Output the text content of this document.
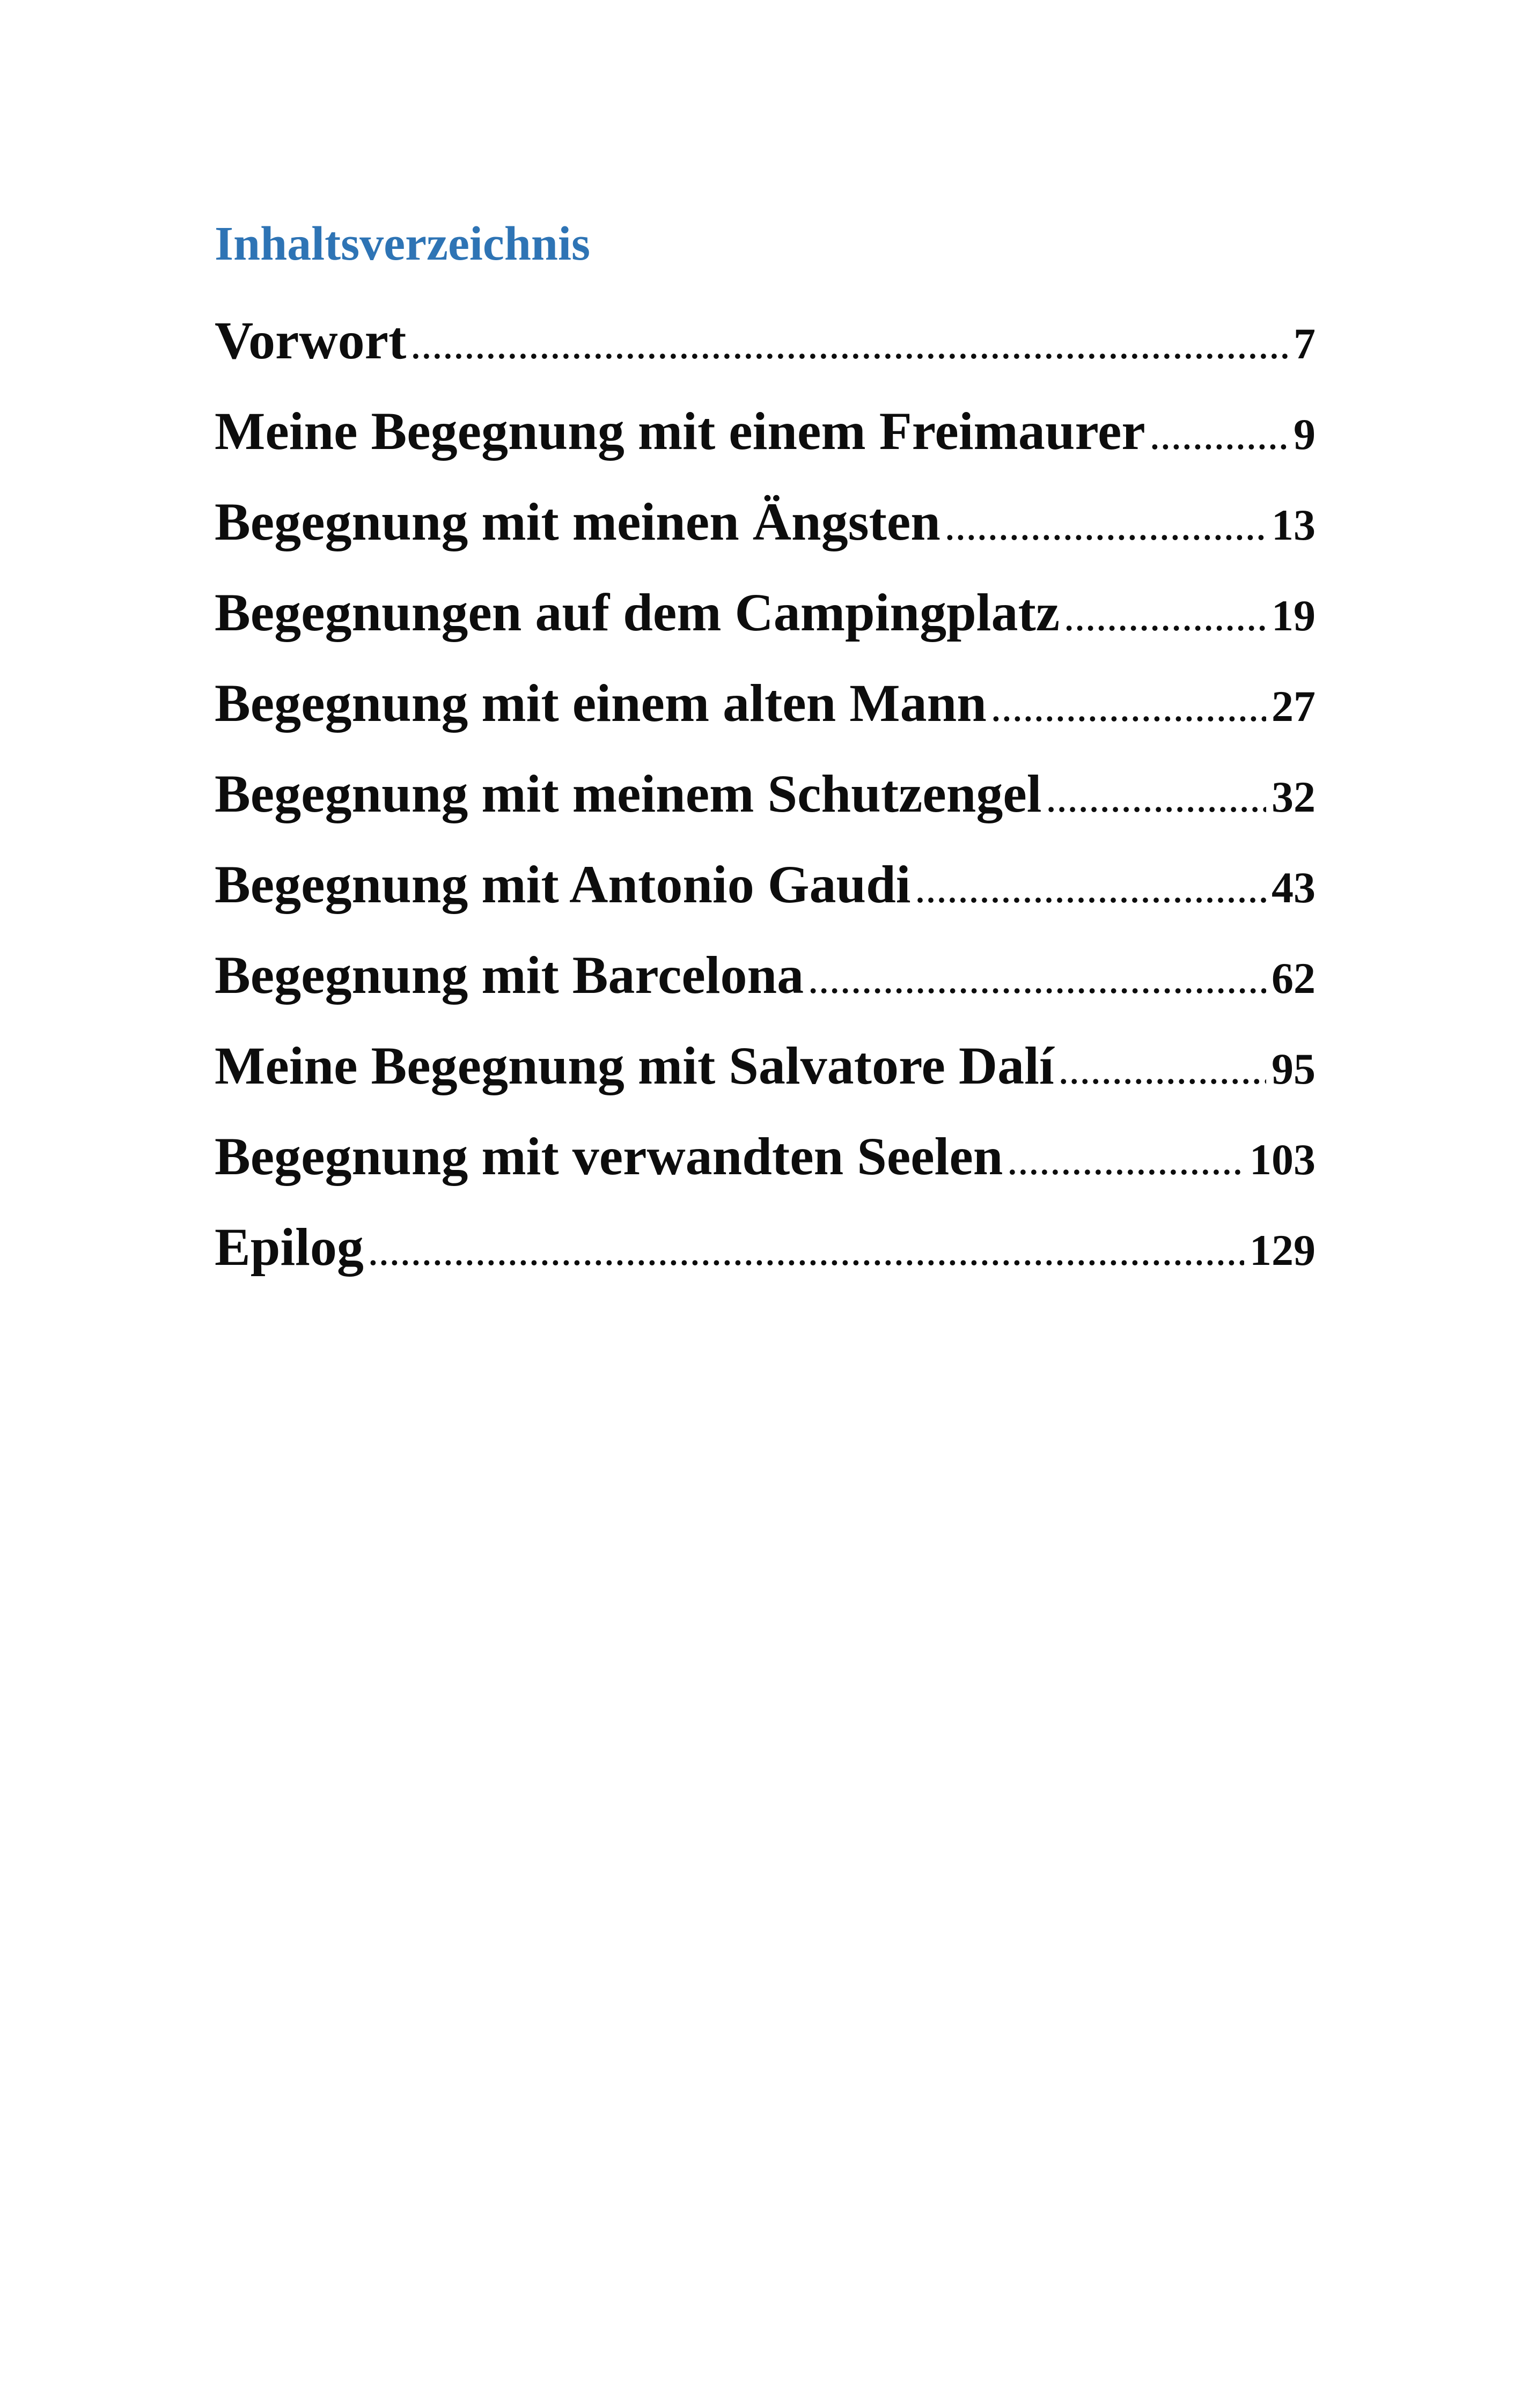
Inhaltsverzeichnis
Vorwort .....	7
Meine Begegnung mit einem Freimaurer .....	9
Begegnung mit meinen Ängsten .....	13
Begegnungen auf dem Campingplatz .....	19
Begegnung mit einem alten Mann .....	27
Begegnung mit meinem Schutzengel .....	32
Begegnung mit Antonio Gaudi .....	43
Begegnung mit Barcelona .....	62
Meine Begegnung mit Salvatore Dalí .....	95
Begegnung mit verwandten Seelen .....	103
Epilog .....	129
